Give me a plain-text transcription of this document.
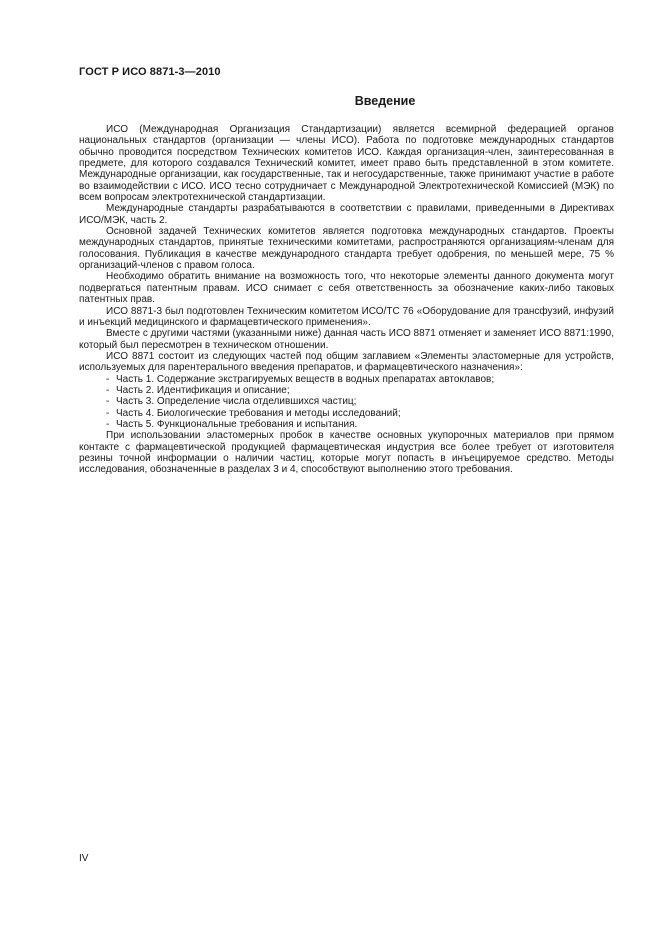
ГОСТ Р ИСО 8871-3—2010
Введение

ИСО (Международная Организация Стандартизации) является всемирной федерацией органов национальных стандартов (организации — члены ИСО). Работа по подготовке международных стандартов обычно проводится посредством Технических комитетов ИСО. Каждая организация-член, заинтересованная в предмете, для которого создавался Технический комитет, имеет право быть представленной в этом комитете. Международные организации, как государственные, так и негосударственные, также принимают участие в работе во взаимодействии с ИСО. ИСО тесно сотрудничает с Международной Электротехнической Комиссией (МЭК) по всем вопросам электротехнической стандартизации.

Международные стандарты разрабатываются в соответствии с правилами, приведенными в Директивах ИСО/МЭК, часть 2.

Основной задачей Технических комитетов является подготовка международных стандартов. Проекты международных стандартов, принятые техническими комитетами, распространяются организациям-членам для голосования. Публикация в качестве международного стандарта требует одобрения, по меньшей мере, 75 % организаций-членов с правом голоса.

Необходимо обратить внимание на возможность того, что некоторые элементы данного документа могут подвергаться патентным правам. ИСО снимает с себя ответственность за обозначение каких-либо таковых патентных прав.

ИСО 8871-3 был подготовлен Техническим комитетом ИСО/ТС 76 «Оборудование для трансфузий, инфузий и инъекций медицинского и фармацевтического применения».

Вместе с другими частями (указанными ниже) данная часть ИСО 8871 отменяет и заменяет ИСО 8871:1990, который был пересмотрен в техническом отношении.

ИСО 8871 состоит из следующих частей под общим заглавием «Элементы эластомерные для устройств, используемых для парентерального введения препаратов, и фармацевтического назначения»:

- Часть 1. Содержание экстрагируемых веществ в водных препаратах автоклавов;

- Часть 2. Идентификация и описание;

- Часть 3. Определение числа отделившихся частиц;

- Часть 4. Биологические требования и методы исследований;

- Часть 5. Функциональные требования и испытания.

При использовании эластомерных пробок в качестве основных укупорочных материалов при прямом контакте с фармацевтической продукцией фармацевтическая индустрия все более требует от изготовителя резины точной информации о наличии частиц, которые могут попасть в инъецируемое средство. Методы исследования, обозначенные в разделах 3 и 4, способствуют выполнению этого требования.

IV
